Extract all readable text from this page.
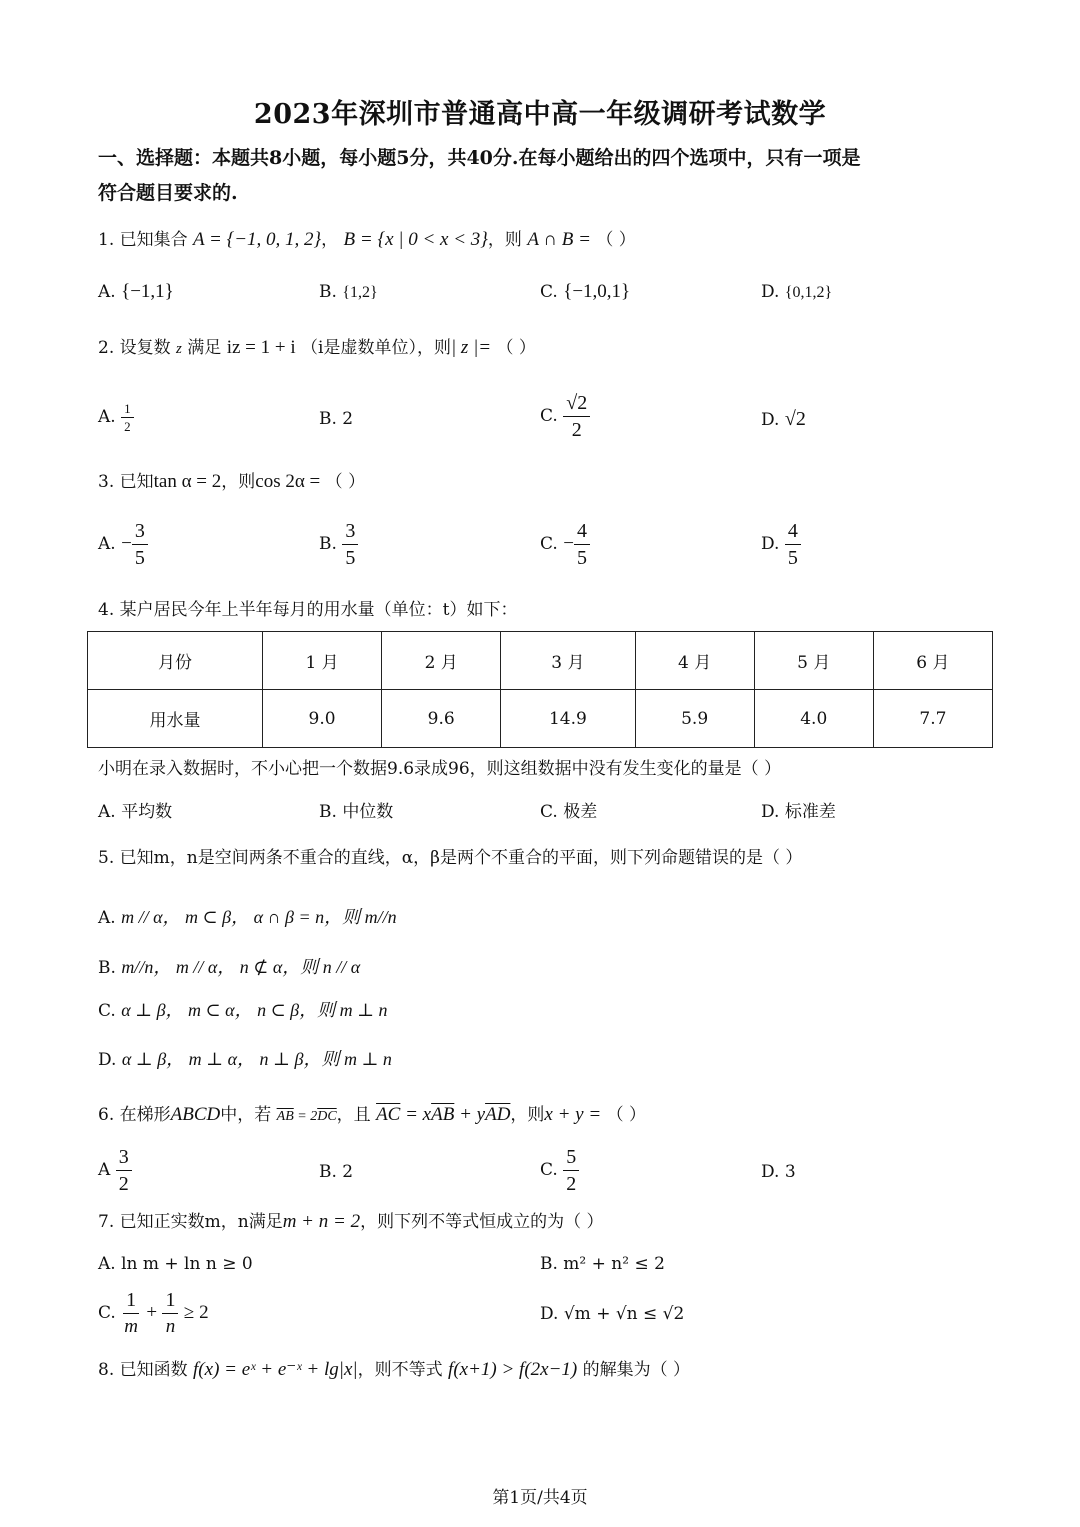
2023年深圳市普通高中高一年级调研考试数学
一、选择题：本题共8小题，每小题5分，共40分.在每小题给出的四个选项中，只有一项是
符合题目要求的.
1. 已知集合 A = {−1, 0, 1, 2}， B = {x | 0 < x < 3}，则 A ∩ B = （ ）
A. {−1,1}	B. {1,2}	C. {−1,0,1}	D. {0,1,2}
2. 设复数 z 满足 iz = 1 + i （i是虚数单位），则| z |= （ ）
A. $\frac{1}{2}$	B. 2	C. $\frac{√2}{2}$	D. √2
3. 已知tan α = 2，则cos 2α = （ ）
A. − $\frac{3}{5}$	B. $\frac{3}{5}$	C. − $\frac{4}{5}$	D. $\frac{4}{5}$
4. 某户居民今年上半年每月的用水量（单位：t）如下：
月份	1 月	2 月	3 月	4 月	5 月	6 月
用水量	9.0	9.6	14.9	5.9	4.0	7.7
小明在录入数据时，不小心把一个数据9.6录成96，则这组数据中没有发生变化的量是（ ）
A. 平均数	B. 中位数	C. 极差	D. 标准差
5. 已知m，n是空间两条不重合的直线，α，β是两个不重合的平面，则下列命题错误的是（ ）
A. m // α， m ⊂ β， α ∩ β = n，则 m//n
B. m//n， m // α， n ⊄ α，则 n // α
C. α ⊥ β， m ⊂ α， n ⊂ β，则 m ⊥ n
D. α ⊥ β， m ⊥ α， n ⊥ β，则 m ⊥ n
6. 在梯形ABCD中，若 $\overline{AB} = 2\overline{DC}$，且 $\overline{AC} = x\overline{AB} + y\overline{AD}$，则x + y = （ ）
A $\frac{3}{2}$	B. 2	C. $\frac{5}{2}$	D. 3
7. 已知正实数m，n满足m + n = 2，则下列不等式恒成立的为（ ）
A. ln m + ln n ≥ 0	B. m² + n² ≤ 2
C. $\frac{1}{m} + \frac{1}{n} \ge 2$	D. √m + √n ≤ √2
8. 已知函数 f(x) = eˣ + e⁻ˣ + lg|x|，则不等式 f(x+1) > f(2x−1) 的解集为（ ）
第1页/共4页
